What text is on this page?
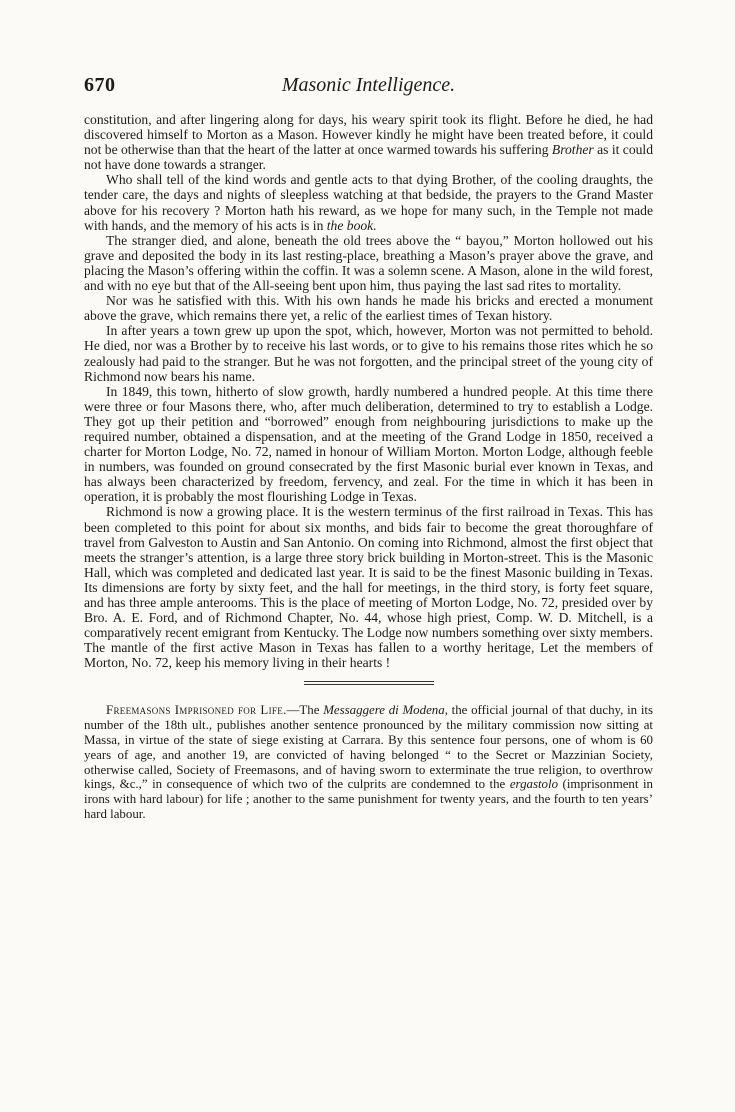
670	Masonic Intelligence.

constitution, and after lingering along for days, his weary spirit took its flight. Before he died, he had discovered himself to Morton as a Mason. However kindly he might have been treated before, it could not be otherwise than that the heart of the latter at once warmed towards his suffering Brother as it could not have done towards a stranger.

Who shall tell of the kind words and gentle acts to that dying Brother, of the cooling draughts, the tender care, the days and nights of sleepless watching at that bedside, the prayers to the Grand Master above for his recovery ? Morton hath his reward, as we hope for many such, in the Temple not made with hands, and the memory of his acts is in the book.

The stranger died, and alone, beneath the old trees above the “ bayou,” Morton hollowed out his grave and deposited the body in its last resting-place, breathing a Mason’s prayer above the grave, and placing the Mason’s offering within the coffin. It was a solemn scene. A Mason, alone in the wild forest, and with no eye but that of the All-seeing bent upon him, thus paying the last sad rites to mortality.

Nor was he satisfied with this. With his own hands he made his bricks and erected a monument above the grave, which remains there yet, a relic of the earliest times of Texan history.

In after years a town grew up upon the spot, which, however, Morton was not permitted to behold. He died, nor was a Brother by to receive his last words, or to give to his remains those rites which he so zealously had paid to the stranger. But he was not forgotten, and the principal street of the young city of Richmond now bears his name.

In 1849, this town, hitherto of slow growth, hardly numbered a hundred people. At this time there were three or four Masons there, who, after much deliberation, determined to try to establish a Lodge. They got up their petition and “borrowed” enough from neighbouring jurisdictions to make up the required number, obtained a dispensation, and at the meeting of the Grand Lodge in 1850, received a charter for Morton Lodge, No. 72, named in honour of William Morton. Morton Lodge, although feeble in numbers, was founded on ground consecrated by the first Masonic burial ever known in Texas, and has always been characterized by freedom, fervency, and zeal. For the time in which it has been in operation, it is probably the most flourishing Lodge in Texas.

Richmond is now a growing place. It is the western terminus of the first railroad in Texas. This has been completed to this point for about six months, and bids fair to become the great thoroughfare of travel from Galveston to Austin and San Antonio. On coming into Richmond, almost the first object that meets the stranger’s attention, is a large three story brick building in Morton-street. This is the Masonic Hall, which was completed and dedicated last year. It is said to be the finest Masonic building in Texas. Its dimensions are forty by sixty feet, and the hall for meetings, in the third story, is forty feet square, and has three ample anterooms. This is the place of meeting of Morton Lodge, No. 72, presided over by Bro. A. E. Ford, and of Richmond Chapter, No. 44, whose high priest, Comp. W. D. Mitchell, is a comparatively recent emigrant from Kentucky. The Lodge now numbers something over sixty members. The mantle of the first active Mason in Texas has fallen to a worthy heritage, Let the members of Morton, No. 72, keep his memory living in their hearts !

Freemasons Imprisoned for Life.—The Messaggere di Modena, the official journal of that duchy, in its number of the 18th ult., publishes another sentence pronounced by the military commission now sitting at Massa, in virtue of the state of siege existing at Carrara. By this sentence four persons, one of whom is 60 years of age, and another 19, are convicted of having belonged “ to the Secret or Mazzinian Society, otherwise called, Society of Freemasons, and of having sworn to exterminate the true religion, to overthrow kings, &c.,” in consequence of which two of the culprits are condemned to the ergastolo (imprisonment in irons with hard labour) for life ; another to the same punishment for twenty years, and the fourth to ten years’ hard labour.
